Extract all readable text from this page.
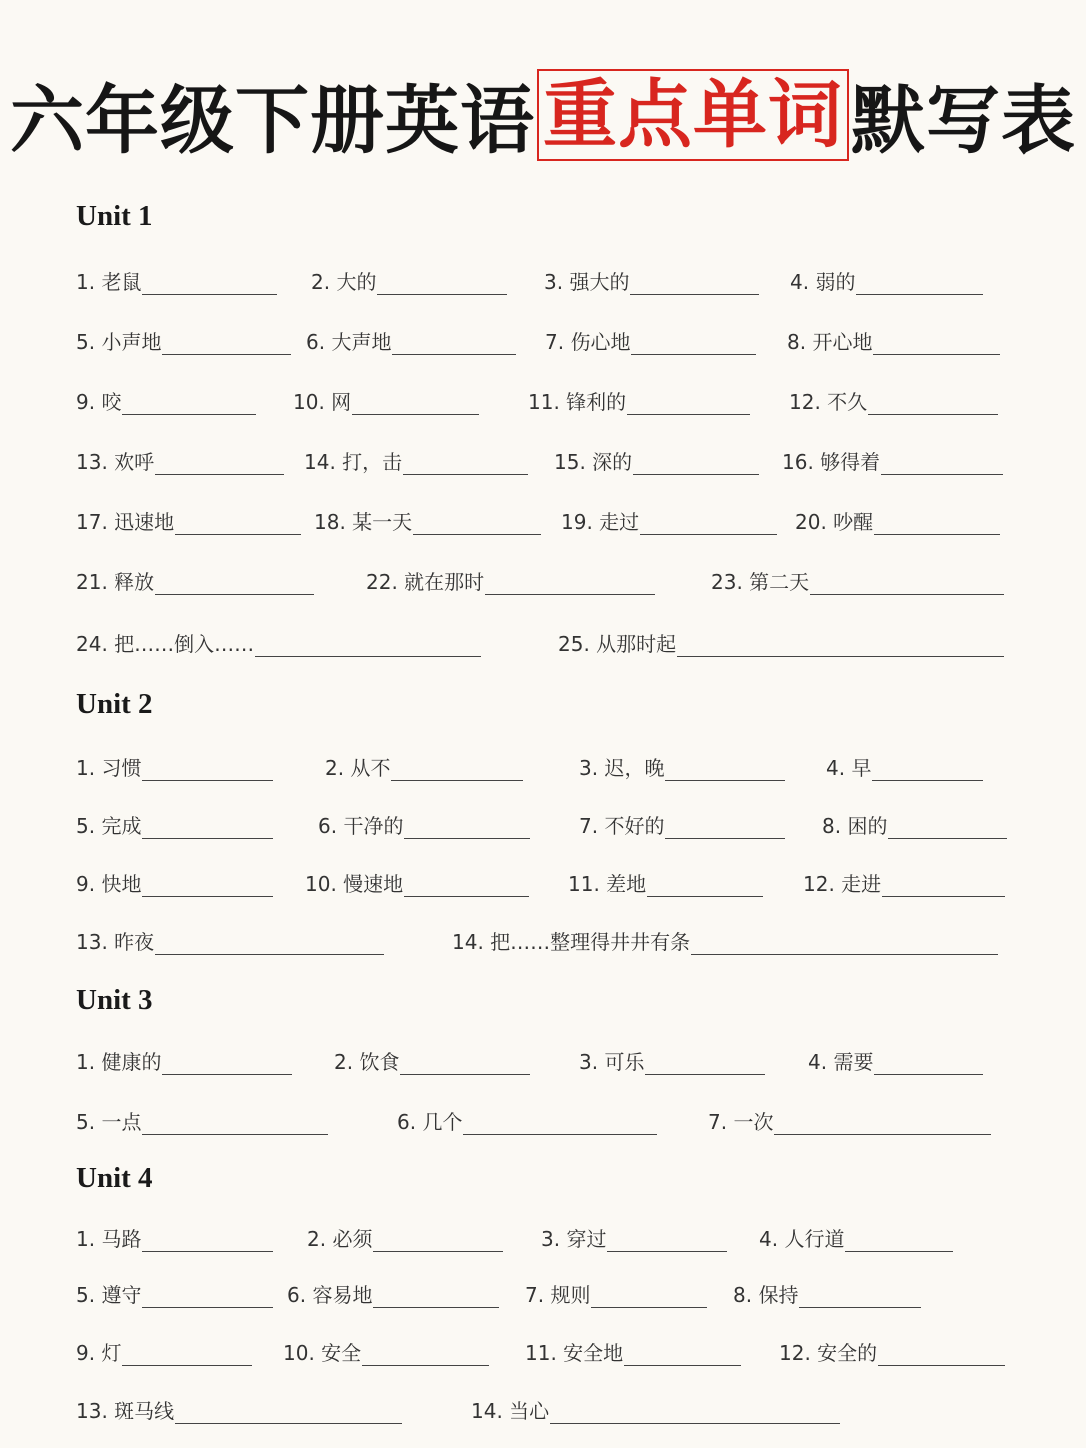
六年级下册英语 重点单词 默写表
Unit 1
1. 老鼠	2. 大的	3. 强大的	4. 弱的
5. 小声地	6. 大声地	7. 伤心地	8. 开心地
9. 咬	10. 网	11. 锋利的	12. 不久
13. 欢呼	14. 打，击	15. 深的	16. 够得着
17. 迅速地	18. 某一天	19. 走过	20. 吵醒
21. 释放	22. 就在那时	23. 第二天
24. 把……倒入……	25. 从那时起
Unit 2
1. 习惯	2. 从不	3. 迟，晚	4. 早
5. 完成	6. 干净的	7. 不好的	8. 困的
9. 快地	10. 慢速地	11. 差地	12. 走进
13. 昨夜	14. 把……整理得井井有条
Unit 3
1. 健康的	2. 饮食	3. 可乐	4. 需要
5. 一点	6. 几个	7. 一次
Unit 4
1. 马路	2. 必须	3. 穿过	4. 人行道
5. 遵守	6. 容易地	7. 规则	8. 保持
9. 灯	10. 安全	11. 安全地	12. 安全的
13. 斑马线	14. 当心
